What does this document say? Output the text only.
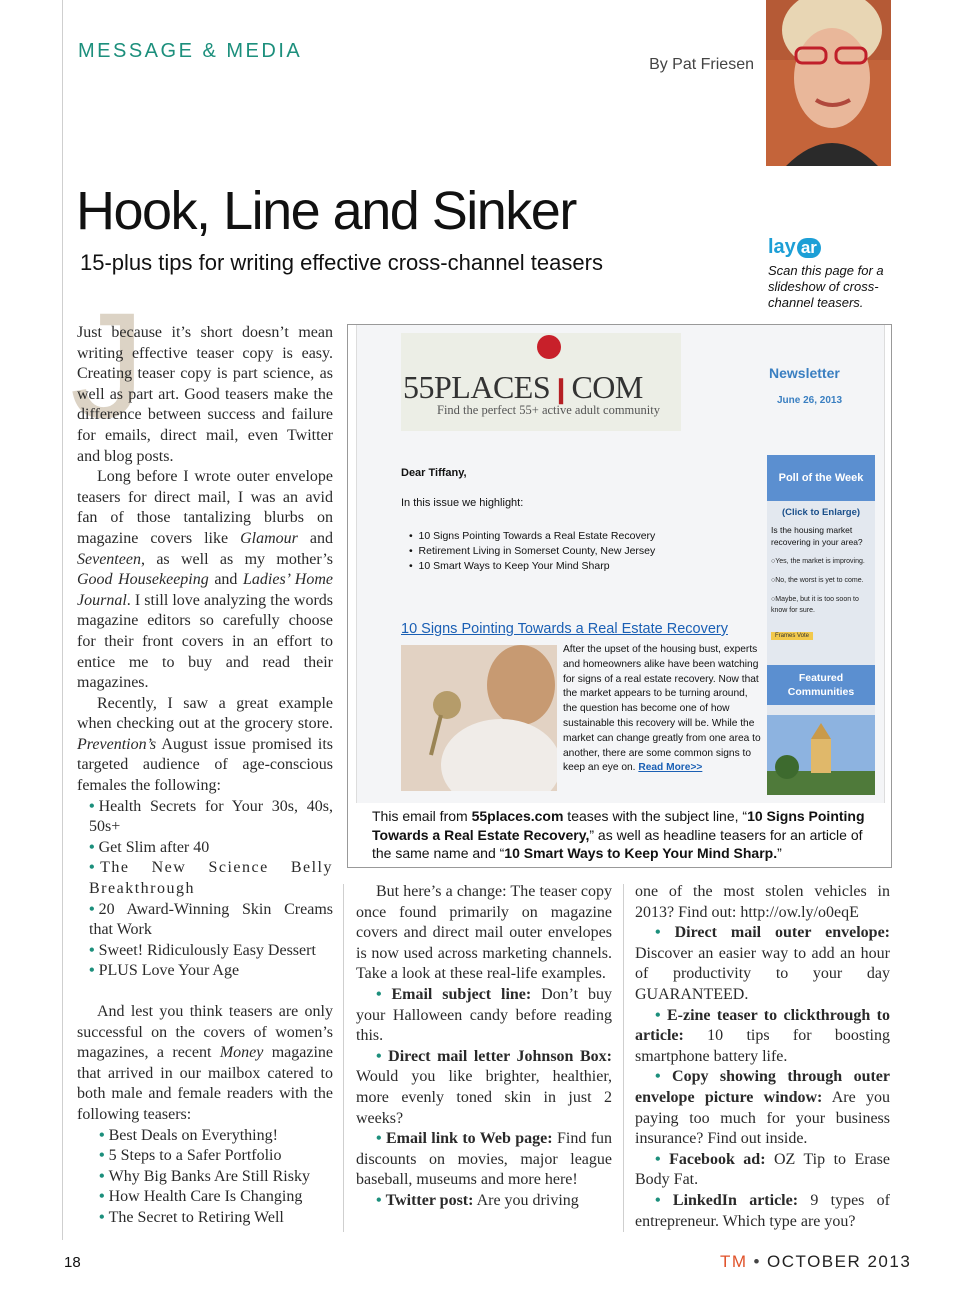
MESSAGE & MEDIA
By Pat Friesen
Hook, Line and Sinker
15-plus tips for writing effective cross-channel teasers
lay ar
Scan this page for a slideshow of cross-channel teasers.
J

Just because it’s short doesn’t mean writing effective teaser copy is easy. Creating teaser copy is part science, as well as part art. Good teasers make the difference between success and failure for emails, direct mail, even Twitter and blog posts.

Long before I wrote outer envelope teasers for direct mail, I was an avid fan of those tantalizing blurbs on magazine covers like Glamour and Seventeen, as well as my mother’s Good Housekeeping and Ladies’ Home Journal. I still love analyzing the words magazine editors so carefully choose for their front covers in an effort to entice me to buy and read their magazines.

Recently, I saw a great example when checking out at the grocery store. Prevention’s August issue promised its targeted audience of age-conscious females the following:

• Health Secrets for Your 30s, 40s, 50s+
• Get Slim after 40
• The New Science Belly Breakthrough
• 20 Award-Winning Skin Creams that Work
• Sweet! Ridiculously Easy Dessert
• PLUS Love Your Age

And lest you think teasers are only successful on the covers of women’s magazines, a recent Money magazine that arrived in our mailbox catered to both male and female readers with the following teasers:

• Best Deals on Everything!
• 5 Steps to a Safer Portfolio
• Why Big Banks Are Still Risky
• How Health Care Is Changing
• The Secret to Retiring Well
55PLACES❙COM
Find the perfect 55+ active adult community
Newsletter
June 26, 2013
Dear Tiffany,
In this issue we highlight:
•  10 Signs Pointing Towards a Real Estate Recovery
•  Retirement Living in Somerset County, New Jersey
•  10 Smart Ways to Keep Your Mind Sharp
10 Signs Pointing Towards a Real Estate Recovery
After the upset of the housing bust, experts and homeowners alike have been watching for signs of a real estate recovery. Now that the market appears to be turning around, the question has become one of how sustainable this recovery will be. While the market can change greatly from one area to another, there are some common signs to keep an eye on. Read More>>
Poll of the Week
(Click to Enlarge)
Is the housing market recovering in your area?
○Yes, the market is improving.
○No, the worst is yet to come.
○Maybe, but it is too soon to know for sure.
Frames Vote
Featured Communities
This email from 55places.com teases with the subject line, “10 Signs Pointing Towards a Real Estate Recovery,” as well as headline teasers for an article of the same name and “10 Smart Ways to Keep Your Mind Sharp.”

But here’s a change: The teaser copy once found primarily on magazine covers and direct mail outer envelopes is now used across marketing channels. Take a look at these real-life examples.

• Email subject line: Don’t buy your Halloween candy before reading this.

• Direct mail letter Johnson Box: Would you like brighter, healthier, more evenly toned skin in just 2 weeks?

• Email link to Web page: Find fun discounts on movies, major league baseball, museums and more here!

• Twitter post: Are you driving

one of the most stolen vehicles in 2013? Find out: http://ow.ly/o0eqE

• Direct mail outer envelope: Discover an easier way to add an hour of productivity to your day GUARANTEED.

• E-zine teaser to clickthrough to article: 10 tips for boosting smartphone battery life.

• Copy showing through outer envelope picture window: Are you paying too much for your business insurance? Find out inside.

• Facebook ad: OZ Tip to Erase Body Fat.

• LinkedIn article: 9 types of entrepreneur. Which type are you?

18	TM • OCTOBER 2013
